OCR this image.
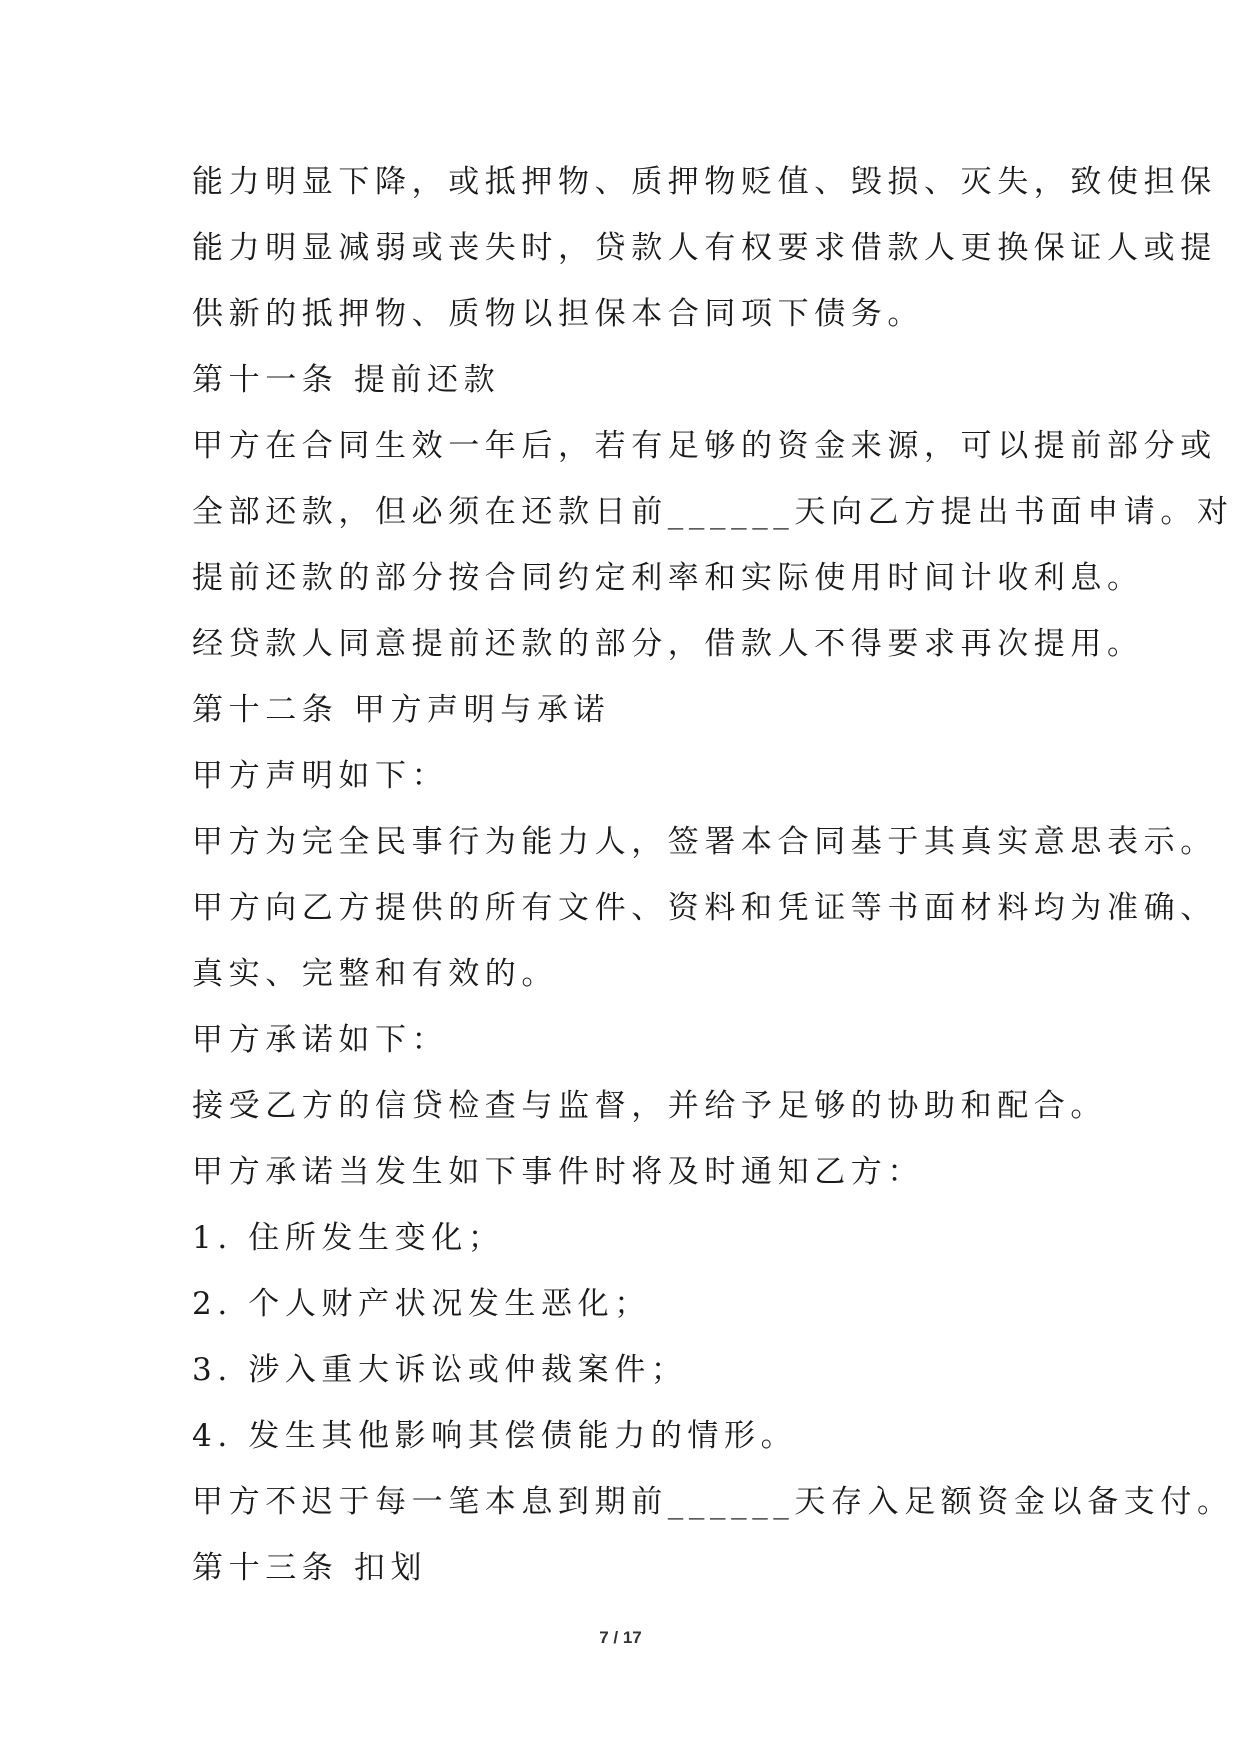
能力明显下降，或抵押物、质押物贬值、毁损、灭失，致使担保
能力明显减弱或丧失时，贷款人有权要求借款人更换保证人或提
供新的抵押物、质物以担保本合同项下债务。
第十一条 提前还款
甲方在合同生效一年后，若有足够的资金来源，可以提前部分或
全部还款，但必须在还款日前______天向乙方提出书面申请。对
提前还款的部分按合同约定利率和实际使用时间计收利息。
经贷款人同意提前还款的部分，借款人不得要求再次提用。
第十二条 甲方声明与承诺
甲方声明如下：
甲方为完全民事行为能力人，签署本合同基于其真实意思表示。
甲方向乙方提供的所有文件、资料和凭证等书面材料均为准确、
真实、完整和有效的。
甲方承诺如下：
接受乙方的信贷检查与监督，并给予足够的协助和配合。
甲方承诺当发生如下事件时将及时通知乙方：
1. 住所发生变化；
2. 个人财产状况发生恶化；
3. 涉入重大诉讼或仲裁案件；
4. 发生其他影响其偿债能力的情形。
甲方不迟于每一笔本息到期前______天存入足额资金以备支付。
第十三条 扣划
7 / 17
